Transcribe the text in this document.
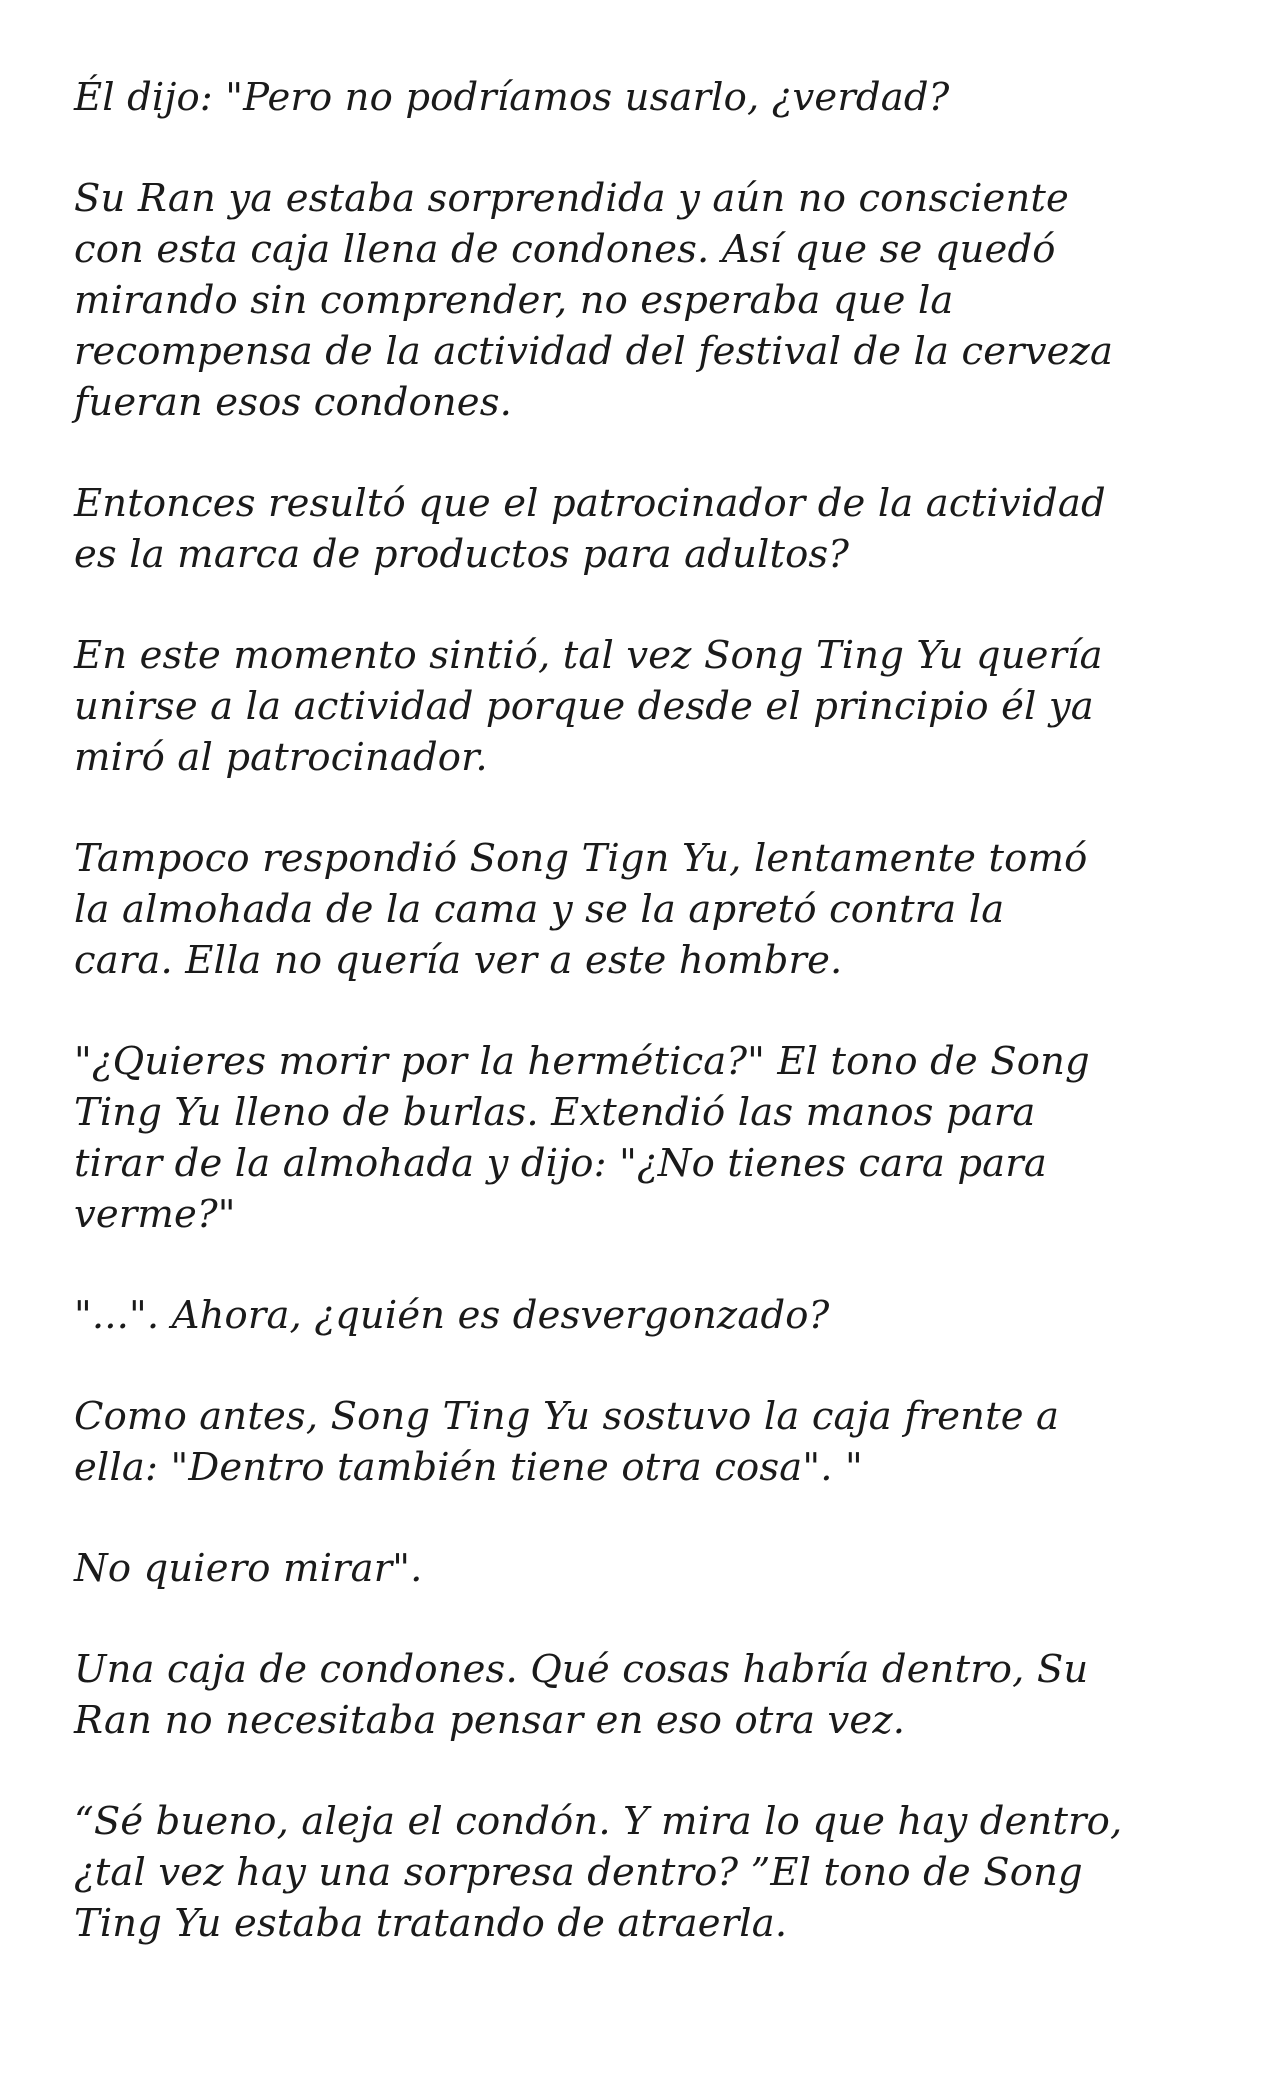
Él dijo: "Pero no podríamos usarlo, ¿verdad?

Su Ran ya estaba sorprendida y aún no consciente
con esta caja llena de condones. Así que se quedó
mirando sin comprender, no esperaba que la
recompensa de la actividad del festival de la cerveza
fueran esos condones.

Entonces resultó que el patrocinador de la actividad
es la marca de productos para adultos?

En este momento sintió, tal vez Song Ting Yu quería
unirse a la actividad porque desde el principio él ya
miró al patrocinador.

Tampoco respondió Song Tign Yu, lentamente tomó
la almohada de la cama y se la apretó contra la
cara. Ella no quería ver a este hombre.

"¿Quieres morir por la hermética?" El tono de Song
Ting Yu lleno de burlas. Extendió las manos para
tirar de la almohada y dijo: "¿No tienes cara para
verme?"

"...". Ahora, ¿quién es desvergonzado?

Como antes, Song Ting Yu sostuvo la caja frente a
ella: "Dentro también tiene otra cosa". "

No quiero mirar".

Una caja de condones. Qué cosas habría dentro, Su
Ran no necesitaba pensar en eso otra vez.

“Sé bueno, aleja el condón. Y mira lo que hay dentro,
¿tal vez hay una sorpresa dentro? ”El tono de Song
Ting Yu estaba tratando de atraerla.
